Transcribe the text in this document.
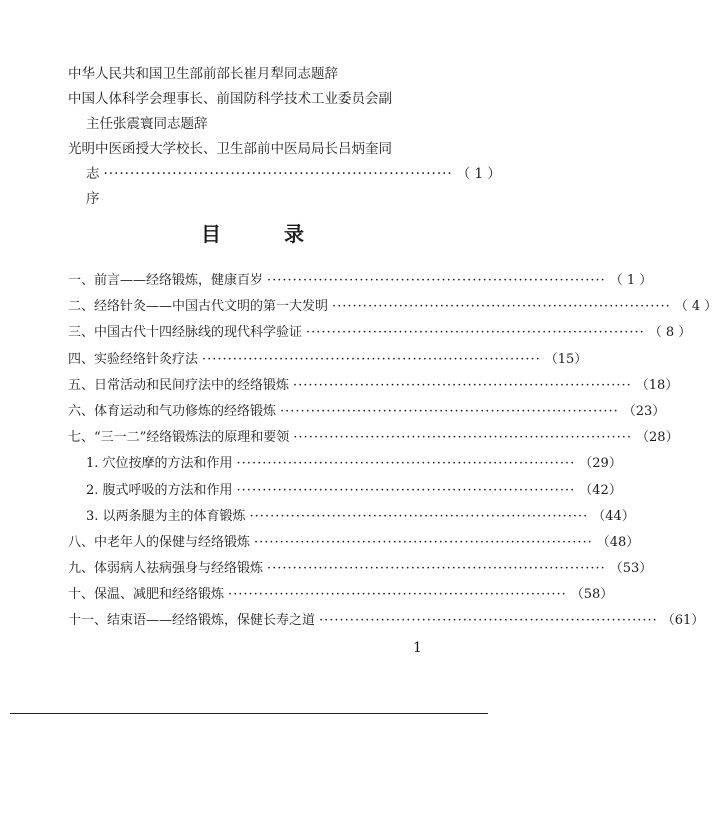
中华人民共和国卫生部前部长崔月犁同志题辞
中国人体科学会理事长、前国防科学技术工业委员会副
主任张震寰同志题辞
光明中医函授大学校长、卫生部前中医局局长吕炳奎同
志序
·································································· （ 1 ）
目 录
一、前言——经络锻炼，健康百岁 ·································································· （ 1 ）
二、经络针灸——中国古代文明的第一大发明 ·································································· （ 4 ）
三、中国古代十四经脉线的现代科学验证 ·································································· （ 8 ）
四、实验经络针灸疗法 ·································································· （15）
五、日常活动和民间疗法中的经络锻炼 ·································································· （18）
六、体育运动和气功修炼的经络锻炼 ·································································· （23）
七、“三一二”经络锻炼法的原理和要领 ·································································· （28）
1. 穴位按摩的方法和作用 ·································································· （29）
2. 腹式呼吸的方法和作用 ·································································· （42）
3. 以两条腿为主的体育锻炼 ·································································· （44）
八、中老年人的保健与经络锻炼 ·································································· （48）
九、体弱病人祛病强身与经络锻炼 ·································································· （53）
十、保温、减肥和经络锻炼 ·································································· （58）
十一、结束语——经络锻炼，保健长寿之道 ·································································· （61）
1
